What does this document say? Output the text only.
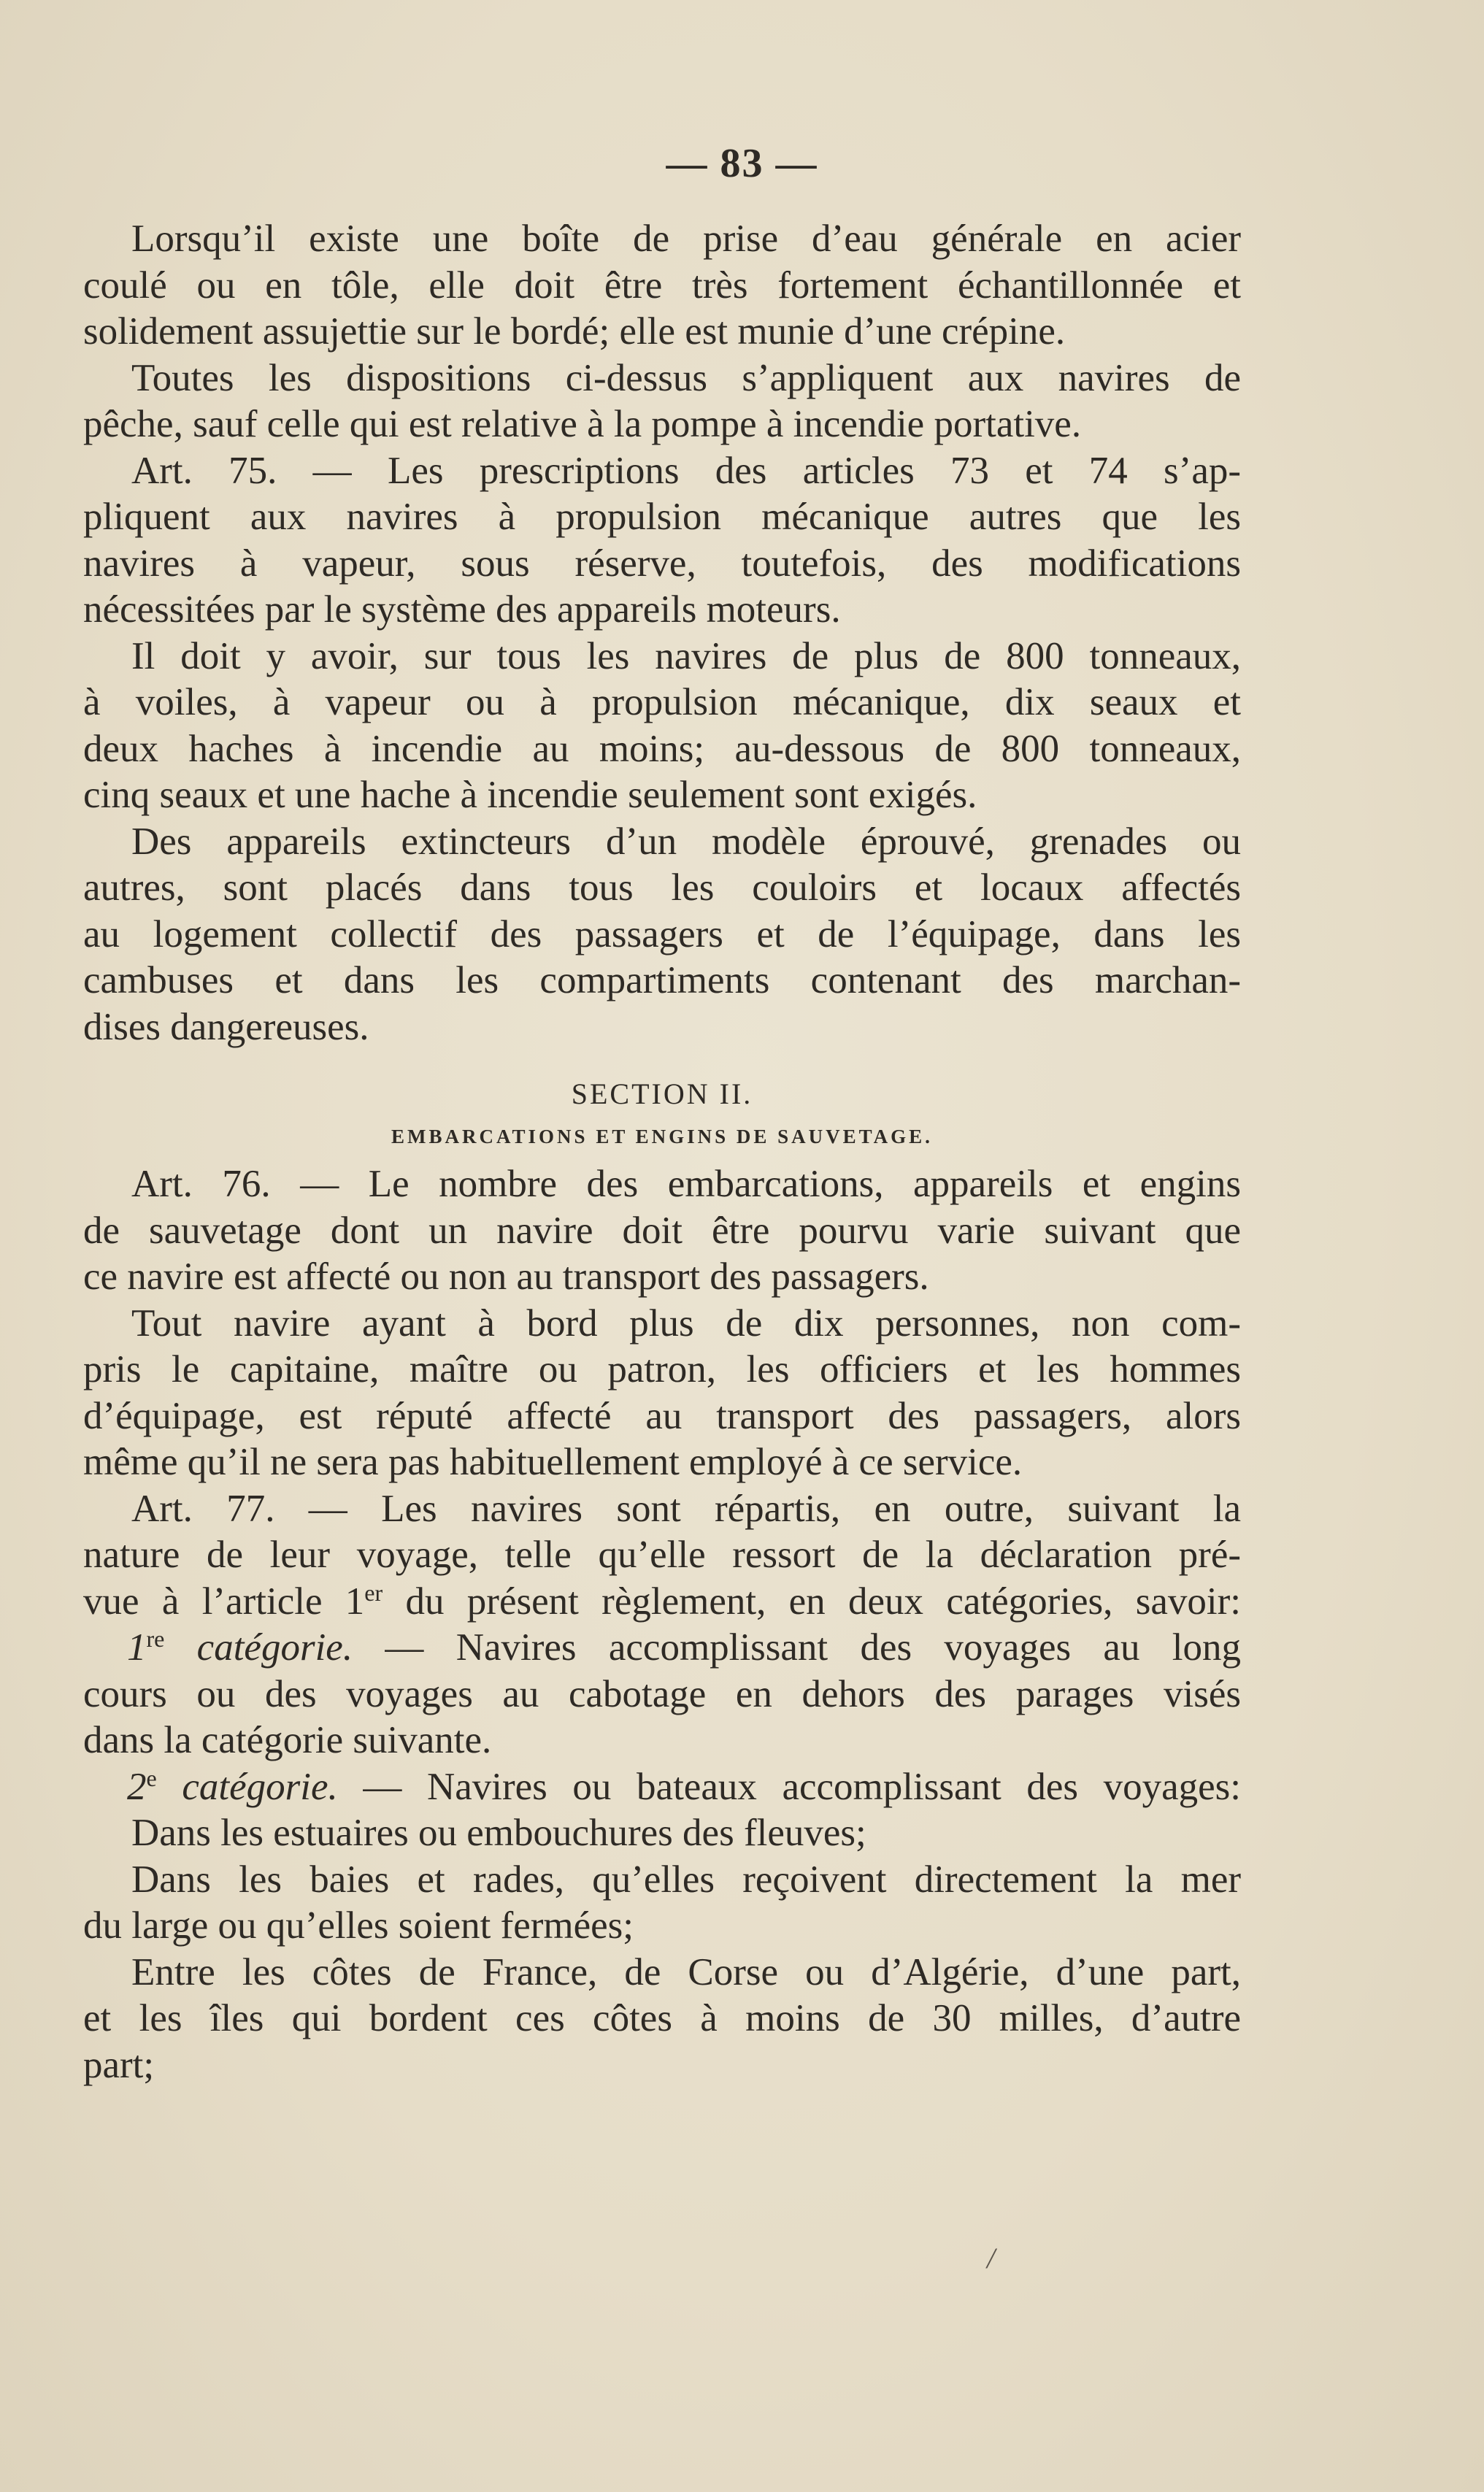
— 83 —
Lorsqu’il existe une boîte de prise d’eau générale en acier
coulé ou en tôle, elle doit être très fortement échantillonnée et
solidement assujettie sur le bordé; elle est munie d’une crépine.
Toutes les dispositions ci-dessus s’appliquent aux navires de
pêche, sauf celle qui est relative à la pompe à incendie portative.
Art. 75. — Les prescriptions des articles 73 et 74 s’ap-
pliquent aux navires à propulsion mécanique autres que les
navires à vapeur, sous réserve, toutefois, des modifications
nécessitées par le système des appareils moteurs.
Il doit y avoir, sur tous les navires de plus de 800 tonneaux,
à voiles, à vapeur ou à propulsion mécanique, dix seaux et
deux haches à incendie au moins; au-dessous de 800 tonneaux,
cinq seaux et une hache à incendie seulement sont exigés.
Des appareils extincteurs d’un modèle éprouvé, grenades ou
autres, sont placés dans tous les couloirs et locaux affectés
au logement collectif des passagers et de l’équipage, dans les
cambuses et dans les compartiments contenant des marchan-
dises dangereuses.
SECTION II.
EMBARCATIONS ET ENGINS DE SAUVETAGE.
Art. 76. — Le nombre des embarcations, appareils et engins
de sauvetage dont un navire doit être pourvu varie suivant que
ce navire est affecté ou non au transport des passagers.
Tout navire ayant à bord plus de dix personnes, non com-
pris le capitaine, maître ou patron, les officiers et les hommes
d’équipage, est réputé affecté au transport des passagers, alors
même qu’il ne sera pas habituellement employé à ce service.
Art. 77. — Les navires sont répartis, en outre, suivant la
nature de leur voyage, telle qu’elle ressort de la déclaration pré-
vue à l’article 1er du présent règlement, en deux catégories, savoir:
1re catégorie. — Navires accomplissant des voyages au long
cours ou des voyages au cabotage en dehors des parages visés
dans la catégorie suivante.
2e catégorie. — Navires ou bateaux accomplissant des voyages:
Dans les estuaires ou embouchures des fleuves;
Dans les baies et rades, qu’elles reçoivent directement la mer
du large ou qu’elles soient fermées;
Entre les côtes de France, de Corse ou d’Algérie, d’une part,
et les îles qui bordent ces côtes à moins de 30 milles, d’autre
part;
/
